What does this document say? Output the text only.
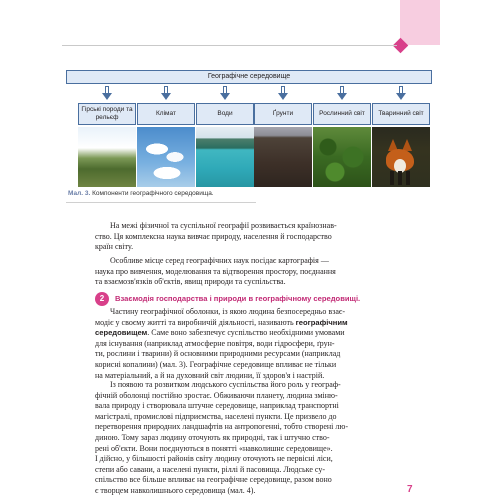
Географічне середовище
Гірські породи та рельєф
Клімат	Води	Ґрунти	Рослинний світ	Тваринний світ
Мал. 3. Компоненти географічного середовища.
На межі фізичної та суспільної географії розвивається країнознав-
ство. Ця комплексна наука вивчає природу, населення й господарство
країн світу.
Особливе місце серед географічних наук посідає картографія —
наука про вивчення, моделювання та відтворення простору, поєднання
та взаємозв'язків об'єктів, явищ природи та суспільства.
2	Взаємодія господарства і природи в географічному середовищі.
Частину географічної оболонки, із якою людина безпосередньо взає-
модіє у своєму житті та виробничій діяльності, називають географічним
середовищем. Саме воно забезпечує суспільство необхідними умовами
для існування (наприклад атмосферне повітря, води гідросфери, ґрун-
ти, рослини і тварини) й основними природними ресурсами (наприклад
корисні копалини) (мал. 3). Географічне середовище впливає не тільки
на матеріальний, а й на духовний світ людини, її здоров'я і настрій.
Із появою та розвитком людського суспільства його роль у географ-
фічній оболонці постійно зростає. Обживаючи планету, людина зміню-
вала природу і створювала штучне середовище, наприклад транспортні
магістралі, промислові підприємства, населені пункти. Це призвело до
перетворення природних ландшафтів на антропогенні, тобто створені лю-
диною. Тому зараз людину оточують як природні, так і штучно ство-
рені об'єкти. Вони поєднуються в понятті «навколишнє середовище».
І дійсно, у більшості районів світу людину оточують не первісні ліси,
степи або савани, а населені пункти, ріллі й пасовища. Людське су-
спільство все більше впливає на географічне середовище, разом воно
є творцем навколишнього середовища (мал. 4).	7
